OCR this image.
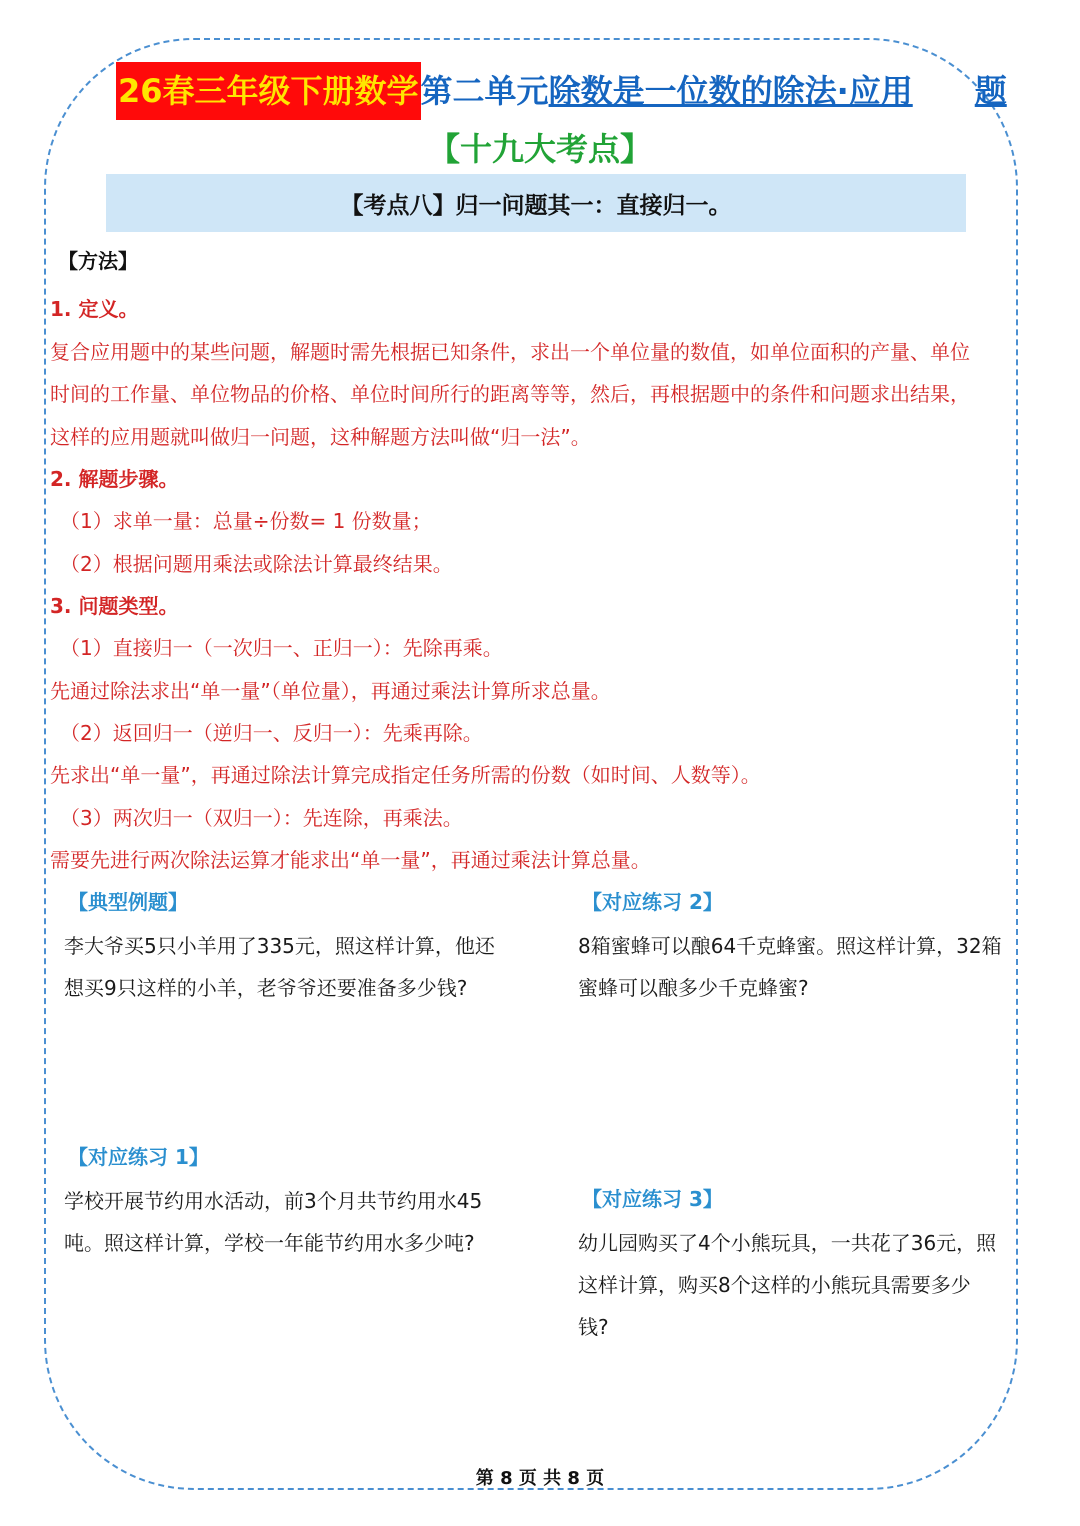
26春三年级下册数学 第二单元 除数是一位数的除法·应用 题
【十九大考点】
【考点八】归一问题其一：直接归一。
【方法】
1. 定义。
复合应用题中的某些问题，解题时需先根据已知条件，求出一个单位量的数值，如单位面积的产量、单位
时间的工作量、单位物品的价格、单位时间所行的距离等等，然后，再根据题中的条件和问题求出结果，
这样的应用题就叫做归一问题，这种解题方法叫做“归一法”。
2. 解题步骤。
（1）求单一量：总量÷份数= 1 份数量；
（2）根据问题用乘法或除法计算最终结果。
3. 问题类型。
（1）直接归一（一次归一、正归一）：先除再乘。
先通过除法求出“单一量”（单位量），再通过乘法计算所求总量。
（2）返回归一（逆归一、反归一）：先乘再除。
先求出“单一量”，再通过除法计算完成指定任务所需的份数（如时间、人数等）。
（3）两次归一（双归一）：先连除，再乘法。
需要先进行两次除法运算才能求出“单一量”，再通过乘法计算总量。
【典型例题】
李大爷买5只小羊用了335元，照这样计算，他还
想买9只这样的小羊，老爷爷还要准备多少钱?
【对应练习 2】
8箱蜜蜂可以酿64千克蜂蜜。照这样计算，32箱
蜜蜂可以酿多少千克蜂蜜?
【对应练习 1】
学校开展节约用水活动，前3个月共节约用水45
吨。照这样计算，学校一年能节约用水多少吨?
【对应练习 3】
幼儿园购买了4个小熊玩具，一共花了36元，照
这样计算，购买8个这样的小熊玩具需要多少
钱?
第 8 页 共 8 页
